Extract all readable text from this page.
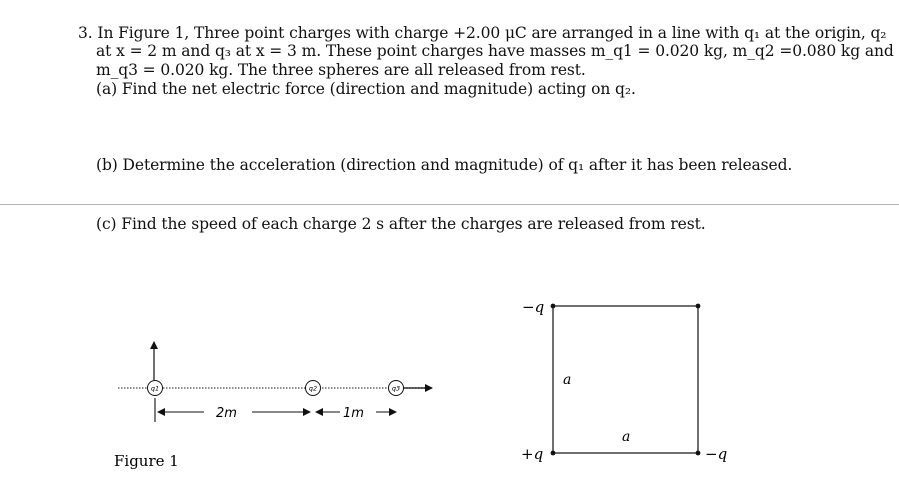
3. In Figure 1, Three point charges with charge +2.00 μC are arranged in a line with q₁ at the origin, q₂
at x = 2 m and q₃ at x = 3 m. These point charges have masses m_q1 = 0.020 kg, m_q2 =0.080 kg and
m_q3 = 0.020 kg. The three spheres are all released from rest.
(a) Find the net electric force (direction and magnitude) acting on q₂.
(b) Determine the acceleration (direction and magnitude) of q₁ after it has been released.
(c) Find the speed of each charge 2 s after the charges are released from rest.
q1	q2	q3
2m	1m
Figure 1
−q
+q	−q
a
a
